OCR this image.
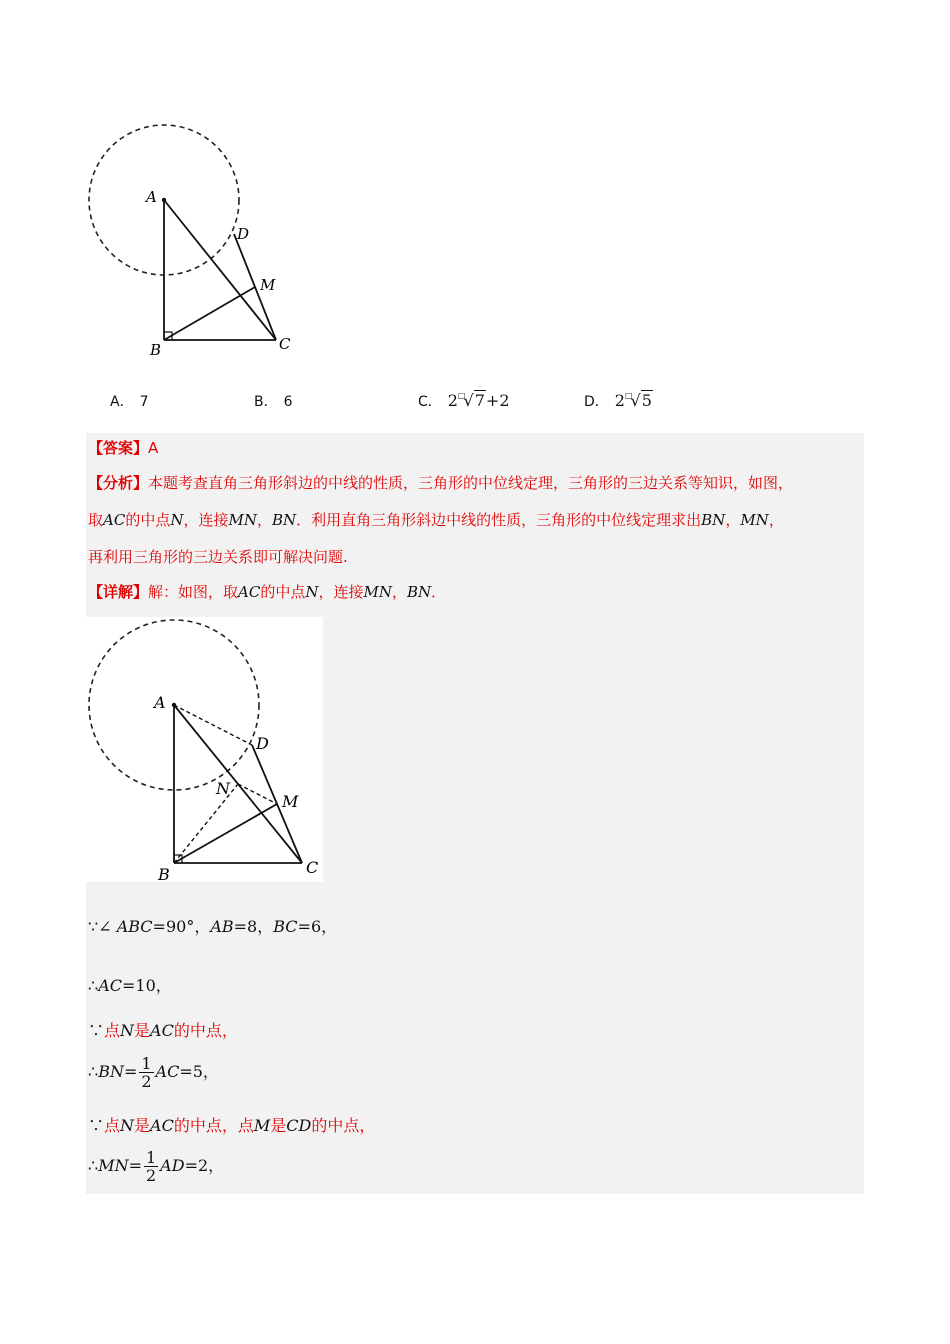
A
B	C
D
M
A． 7	B． 6	C． 2□√7+2	D． 2□√5
【答案】A
【分析】本题考查直角三角形斜边的中线的性质，三角形的中位线定理，三角形的三边关系等知识，如图，
取AC的中点N，连接MN，BN．利用直角三角形斜边中线的性质，三角形的中位线定理求出BN，MN，
再利用三角形的三边关系即可解决问题.
【详解】解：如图，取AC的中点N，连接MN，BN．
A
B	C
D
M
N
∵∠ ABC=90°，AB=8，BC=6，
∴AC=10，
∵点N是AC的中点，
∴BN= $\frac{1}{2} AC=5$，
∵点N是AC的中点，点M是CD的中点，
∴MN= $\frac{1}{2} AD=2$，
